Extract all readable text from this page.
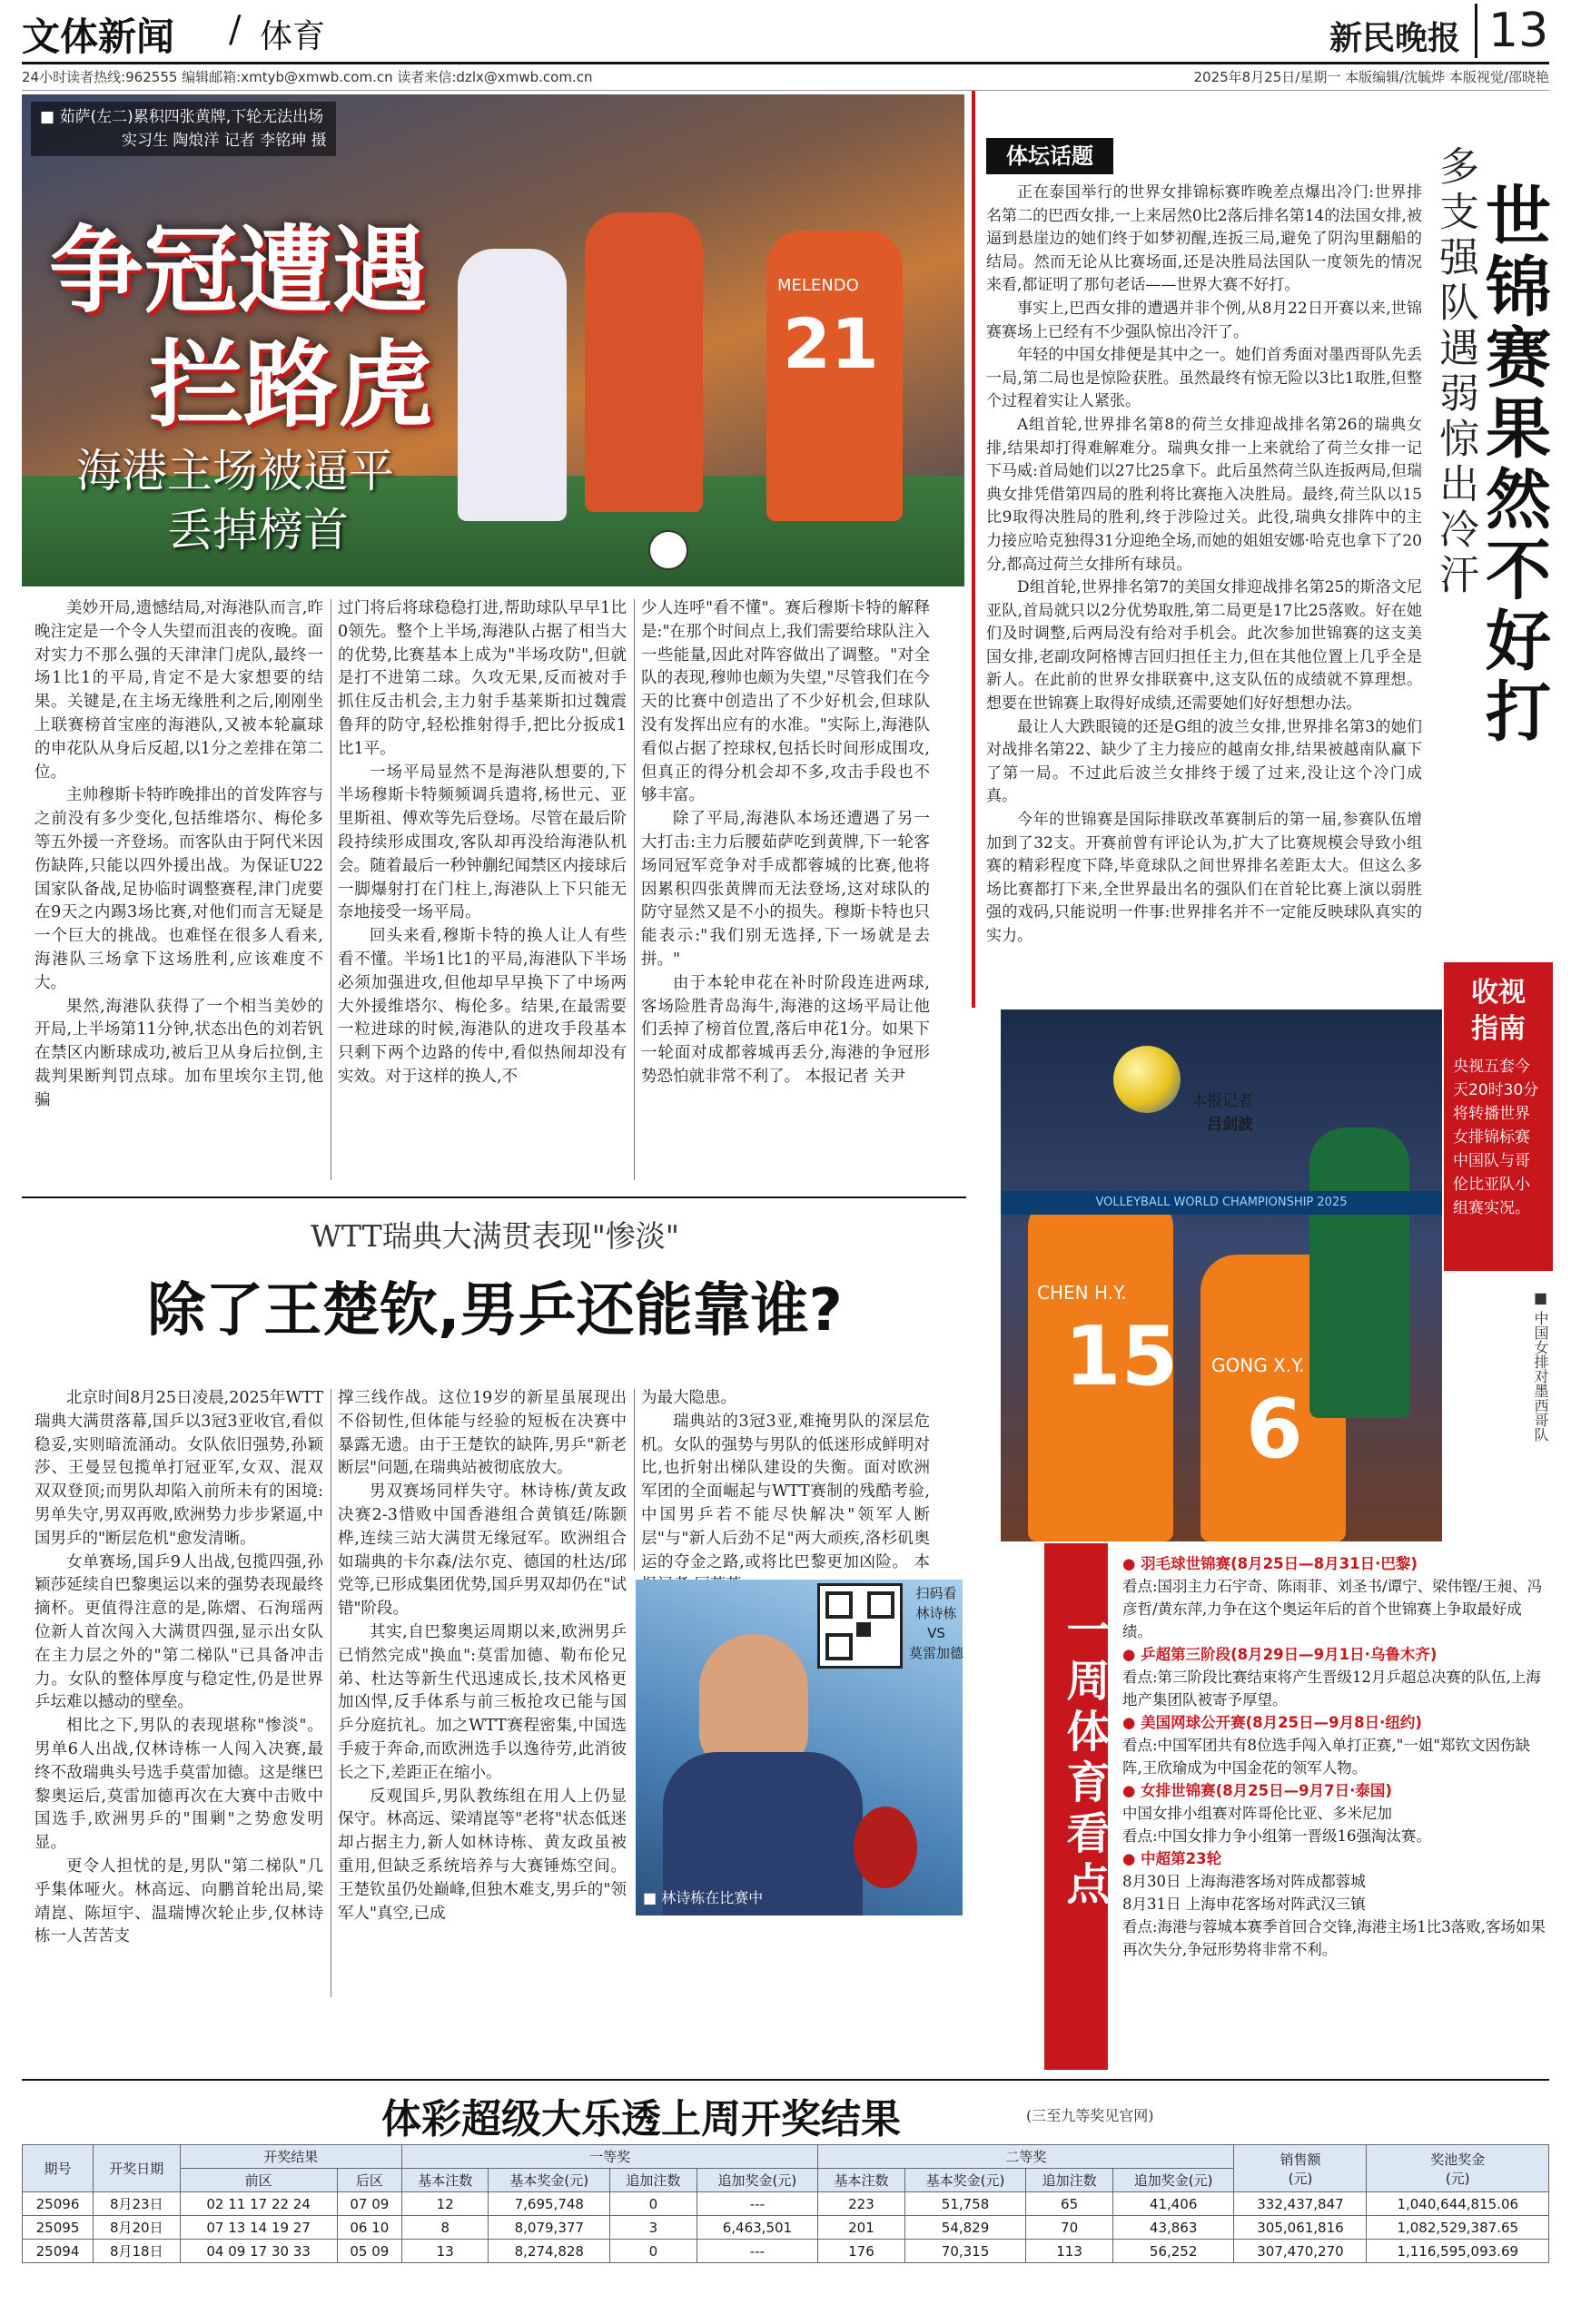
文体新闻 / 体育	新民晚报 13
24小时读者热线:962555 编辑邮箱:xmtyb@xmwb.com.cn 读者来信:dzlx@xmwb.com.cn	2025年8月25日/星期一 本版编辑/沈毓烨 本版视觉/邵晓艳
MELENDO
21
■ 茹萨(左二)累积四张黄牌,下轮无法出场
实习生 陶烺洋 记者 李铭珅 摄
争冠遭遇
拦路虎
海港主场被逼平
丢掉榜首

美妙开局,遗憾结局,对海港队而言,昨晚注定是一个令人失望而沮丧的夜晚。面对实力不那么强的天津津门虎队,最终一场1比1的平局,肯定不是大家想要的结果。关键是,在主场无缘胜利之后,刚刚坐上联赛榜首宝座的海港队,又被本轮赢球的申花队从身后反超,以1分之差排在第二位。

主帅穆斯卡特昨晚排出的首发阵容与之前没有多少变化,包括维塔尔、梅伦多等五外援一齐登场。而客队由于阿代米因伤缺阵,只能以四外援出战。为保证U22国家队备战,足协临时调整赛程,津门虎要在9天之内踢3场比赛,对他们而言无疑是一个巨大的挑战。也难怪在很多人看来,海港队三场拿下这场胜利,应该难度不大。

果然,海港队获得了一个相当美妙的开局,上半场第11分钟,状态出色的刘若钒在禁区内断球成功,被后卫从身后拉倒,主裁判果断判罚点球。加布里埃尔主罚,他骗

过门将后将球稳稳打进,帮助球队早早1比0领先。整个上半场,海港队占据了相当大的优势,比赛基本上成为"半场攻防",但就是打不进第二球。久攻无果,反而被对手抓住反击机会,主力射手基莱斯扣过魏震鲁拜的防守,轻松推射得手,把比分扳成1比1平。

一场平局显然不是海港队想要的,下半场穆斯卡特频频调兵遣将,杨世元、亚里斯祖、傅欢等先后登场。尽管在最后阶段持续形成围攻,客队却再没给海港队机会。随着最后一秒钟蒯纪闻禁区内接球后一脚爆射打在门柱上,海港队上下只能无奈地接受一场平局。

回头来看,穆斯卡特的换人让人有些看不懂。半场1比1的平局,海港队下半场必须加强进攻,但他却早早换下了中场两大外援维塔尔、梅伦多。结果,在最需要一粒进球的时候,海港队的进攻手段基本只剩下两个边路的传中,看似热闹却没有实效。对于这样的换人,不

少人连呼"看不懂"。赛后穆斯卡特的解释是:"在那个时间点上,我们需要给球队注入一些能量,因此对阵容做出了调整。"对全队的表现,穆帅也颇为失望,"尽管我们在今天的比赛中创造出了不少好机会,但球队没有发挥出应有的水准。"实际上,海港队看似占据了控球权,包括长时间形成围攻,但真正的得分机会却不多,攻击手段也不够丰富。

除了平局,海港队本场还遭遇了另一大打击:主力后腰茹萨吃到黄牌,下一轮客场同冠军竞争对手成都蓉城的比赛,他将因累积四张黄牌而无法登场,这对球队的防守显然又是不小的损失。穆斯卡特也只能表示:"我们别无选择,下一场就是去拼。"

由于本轮申花在补时阶段连进两球,客场险胜青岛海牛,海港的这场平局让他们丢掉了榜首位置,落后申花1分。如果下一轮面对成都蓉城再丢分,海港的争冠形势恐怕就非常不利了。 本报记者 关尹

WTT瑞典大满贯表现"惨淡"
除了王楚钦,男乒还能靠谁?

北京时间8月25日凌晨,2025年WTT瑞典大满贯落幕,国乒以3冠3亚收官,看似稳妥,实则暗流涌动。女队依旧强势,孙颖莎、王曼昱包揽单打冠亚军,女双、混双双双登顶;而男队却陷入前所未有的困境:男单失守,男双再败,欧洲势力步步紧逼,中国男乒的"断层危机"愈发清晰。

女单赛场,国乒9人出战,包揽四强,孙颖莎延续自巴黎奥运以来的强势表现最终摘杯。更值得注意的是,陈熠、石洵瑶两位新人首次闯入大满贯四强,显示出女队在主力层之外的"第二梯队"已具备冲击力。女队的整体厚度与稳定性,仍是世界乒坛难以撼动的壁垒。

相比之下,男队的表现堪称"惨淡"。男单6人出战,仅林诗栋一人闯入决赛,最终不敌瑞典头号选手莫雷加德。这是继巴黎奥运后,莫雷加德再次在大赛中击败中国选手,欧洲男乒的"围剿"之势愈发明显。

更令人担忧的是,男队"第二梯队"几乎集体哑火。林高远、向鹏首轮出局,梁靖崑、陈垣宇、温瑞博次轮止步,仅林诗栋一人苦苦支

撑三线作战。这位19岁的新星虽展现出不俗韧性,但体能与经验的短板在决赛中暴露无遗。由于王楚钦的缺阵,男乒"新老断层"问题,在瑞典站被彻底放大。

男双赛场同样失守。林诗栋/黄友政决赛2-3惜败中国香港组合黄镇廷/陈颢桦,连续三站大满贯无缘冠军。欧洲组合如瑞典的卡尔森/法尔克、德国的杜达/邱党等,已形成集团优势,国乒男双却仍在"试错"阶段。

其实,自巴黎奥运周期以来,欧洲男乒已悄然完成"换血":莫雷加德、勒布伦兄弟、杜达等新生代迅速成长,技术风格更加凶悍,反手体系与前三板抢攻已能与国乒分庭抗礼。加之WTT赛程密集,中国选手疲于奔命,而欧洲选手以逸待劳,此消彼长之下,差距正在缩小。

反观国乒,男队教练组在用人上仍显保守。林高远、梁靖崑等"老将"状态低迷却占据主力,新人如林诗栋、黄友政虽被重用,但缺乏系统培养与大赛锤炼空间。王楚钦虽仍处巅峰,但独木难支,男乒的"领军人"真空,已成

为最大隐患。

瑞典站的3冠3亚,难掩男队的深层危机。女队的强势与男队的低迷形成鲜明对比,也折射出梯队建设的失衡。面对欧洲军团的全面崛起与WTT赛制的残酷考验,中国男乒若不能尽快解决"领军人断层"与"新人后劲不足"两大顽疾,洛杉矶奥运的夺金之路,或将比巴黎更加凶险。 本

■ 林诗栋在比赛中
扫码看
林诗栋
VS
莫雷加德
体坛话题

正在泰国举行的世界女排锦标赛昨晚差点爆出冷门:世界排名第二的巴西女排,一上来居然0比2落后排名第14的法国女排,被逼到悬崖边的她们终于如梦初醒,连扳三局,避免了阴沟里翻船的结局。然而无论从比赛场面,还是决胜局法国队一度领先的情况来看,都证明了那句老话——世界大赛不好打。

事实上,巴西女排的遭遇并非个例,从8月22日开赛以来,世锦赛赛场上已经有不少强队惊出冷汗了。

年轻的中国女排便是其中之一。她们首秀面对墨西哥队先丢一局,第二局也是惊险获胜。虽然最终有惊无险以3比1取胜,但整个过程着实让人紧张。

A组首轮,世界排名第8的荷兰女排迎战排名第26的瑞典女排,结果却打得难解难分。瑞典女排一上来就给了荷兰女排一记下马威:首局她们以27比25拿下。此后虽然荷兰队连扳两局,但瑞典女排凭借第四局的胜利将比赛拖入决胜局。最终,荷兰队以15比9取得决胜局的胜利,终于涉险过关。此役,瑞典女排阵中的主力接应哈克独得31分迎绝全场,而她的姐姐安娜·哈克也拿下了20分,都高过荷兰女排所有球员。

D组首轮,世界排名第7的美国女排迎战排名第25的斯洛文尼亚队,首局就只以2分优势取胜,第二局更是17比25落败。好在她们及时调整,后两局没有给对手机会。此次参加世锦赛的这支美国女排,老副攻阿格博吉回归担任主力,但在其他位置上几乎全是新人。在此前的世界女排联赛中,这支队伍的成绩就不算理想。想要在世锦赛上取得好成绩,还需要她们好好想想办法。

最让人大跌眼镜的还是G组的波兰女排,世界排名第3的她们对战排名第22、缺少了主力接应的越南女排,结果被越南队赢下了第一局。不过此后波兰女排终于缓了过来,没让这个冷门成真。

今年的世锦赛是国际排联改革赛制后的第一届,参赛队伍增加到了32支。开赛前曾有评论认为,扩大了比赛规模会导致小组赛的精彩程度下降,毕竟球队之间世界排名差距太大。但这么多场比赛都打下来,全世界最出名的强队们在首轮比赛上演以弱胜强的戏码,只能说明一件事:世界排名并不一定能反映球队真实的实力。

多支强队遇弱惊出冷汗
世锦赛果然不好打
收视
指南
央视五套今天20时30分将转播世界女排锦标赛中国队与哥伦比亚队小组赛实况。
VOLLEYBALL WORLD CHAMPIONSHIP 2025
CHEN H.Y.
15 GONG X.Y.
6
本报记者
吕剑波
■ 中国女排对墨西哥队
一周体育看点
● 羽毛球世锦赛(8月25日—8月31日·巴黎)
看点:国羽主力石宇奇、陈雨菲、刘圣书/谭宁、梁伟铿/王昶、冯彦哲/黄东萍,力争在这个奥运年后的首个世锦赛上争取最好成绩。
● 乒超第三阶段(8月29日—9月1日·乌鲁木齐)
看点:第三阶段比赛结束将产生晋级12月乒超总决赛的队伍,上海地产集团队被寄予厚望。
● 美国网球公开赛(8月25日—9月8日·纽约)
看点:中国军团共有8位选手闯入单打正赛,"一姐"郑钦文因伤缺阵,王欣瑜成为中国金花的领军人物。
● 女排世锦赛(8月25日—9月7日·泰国)
中国女排小组赛对阵哥伦比亚、多米尼加
看点:中国女排力争小组第一晋级16强淘汰赛。
● 中超第23轮
8月30日 上海海港客场对阵成都蓉城
8月31日 上海申花客场对阵武汉三镇
看点:海港与蓉城本赛季首回合交锋,海港主场1比3落败,客场如果再次失分,争冠形势将非常不利。
体彩超级大乐透上周开奖结果	(三至九等奖见官网)
期号	开奖日期	开奖结果		一等奖				二等奖				销售额
(元)	奖池奖金
(元)
		前区	后区	基本注数	基本奖金(元)	追加注数	追加奖金(元)	基本注数	基本奖金(元)	追加注数	追加奖金(元)		
25096	8月23日	02 11 17 22 24	07 09	12	7,695,748	0	---	223	51,758	65	41,406	332,437,847	1,040,644,815.06
25095	8月20日	07 13 14 19 27	06 10	8	8,079,377	3	6,463,501	201	54,829	70	43,863	305,061,816	1,082,529,387.65
25094	8月18日	04 09 17 30 33	05 09	13	8,274,828	0	---	176	70,315	113	56,252	307,470,270	1,116,595,093.69
